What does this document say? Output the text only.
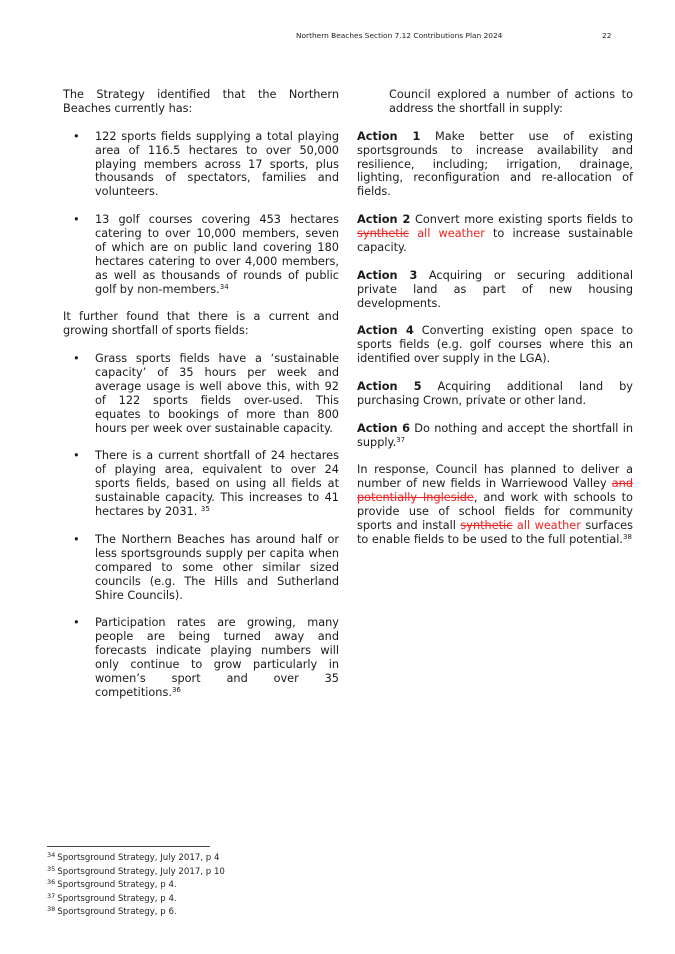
Northern Beaches Section 7.12 Contributions Plan 2024	22

The Strategy identified that the Northern Beaches currently has:

• 122 sports fields supplying a total playing area of 116.5 hectares to over 50,000 playing members across 17 sports, plus thousands of spectators, families and volunteers.
• 13 golf courses covering 453 hectares catering to over 10,000 members, seven of which are on public land covering 180 hectares catering to over 4,000 members, as well as thousands of rounds of public golf by non-members.$^{34}$

It further found that there is a current and growing shortfall of sports fields:

• Grass sports fields have a ‘sustainable capacity’ of 35 hours per week and average usage is well above this, with 92 of 122 sports fields over-used. This equates to bookings of more than 800 hours per week over sustainable capacity.
• There is a current shortfall of 24 hectares of playing area, equivalent to over 24 sports fields, based on using all fields at sustainable capacity. This increases to 41 hectares by 2031. $^{35}$
• The Northern Beaches has around half or less sportsgrounds supply per capita when compared to some other similar sized councils (e.g. The Hills and Sutherland Shire Councils).
• Participation rates are growing, many people are being turned away and forecasts indicate playing numbers will only continue to grow particularly in women’s sport and over 35 competitions.$^{36}$

Council explored a number of actions to address the shortfall in supply:

Action 1 Make better use of existing sportsgrounds to increase availability and resilience, including; irrigation, drainage, lighting, reconfiguration and re-allocation of fields.

Action 2 Convert more existing sports fields to synthetic all weather to increase sustainable capacity.

Action 3 Acquiring or securing additional private land as part of new housing developments.

Action 4 Converting existing open space to sports fields (e.g. golf courses where this an identified over supply in the LGA).

Action 5 Acquiring additional land by purchasing Crown, private or other land.

Action 6 Do nothing and accept the shortfall in supply.$^{37}$

In response, Council has planned to deliver a number of new fields in Warriewood Valley and potentially Ingleside, and work with schools to provide use of school fields for community sports and install synthetic all weather surfaces to enable fields to be used to the full potential.$^{38}$

$^{34}$ Sportsground Strategy, July 2017, p 4
$^{35}$ Sportsground Strategy, July 2017, p 10
$^{36}$ Sportsground Strategy, p 4.
$^{37}$ Sportsground Strategy, p 4.
$^{38}$ Sportsground Strategy, p 6.
